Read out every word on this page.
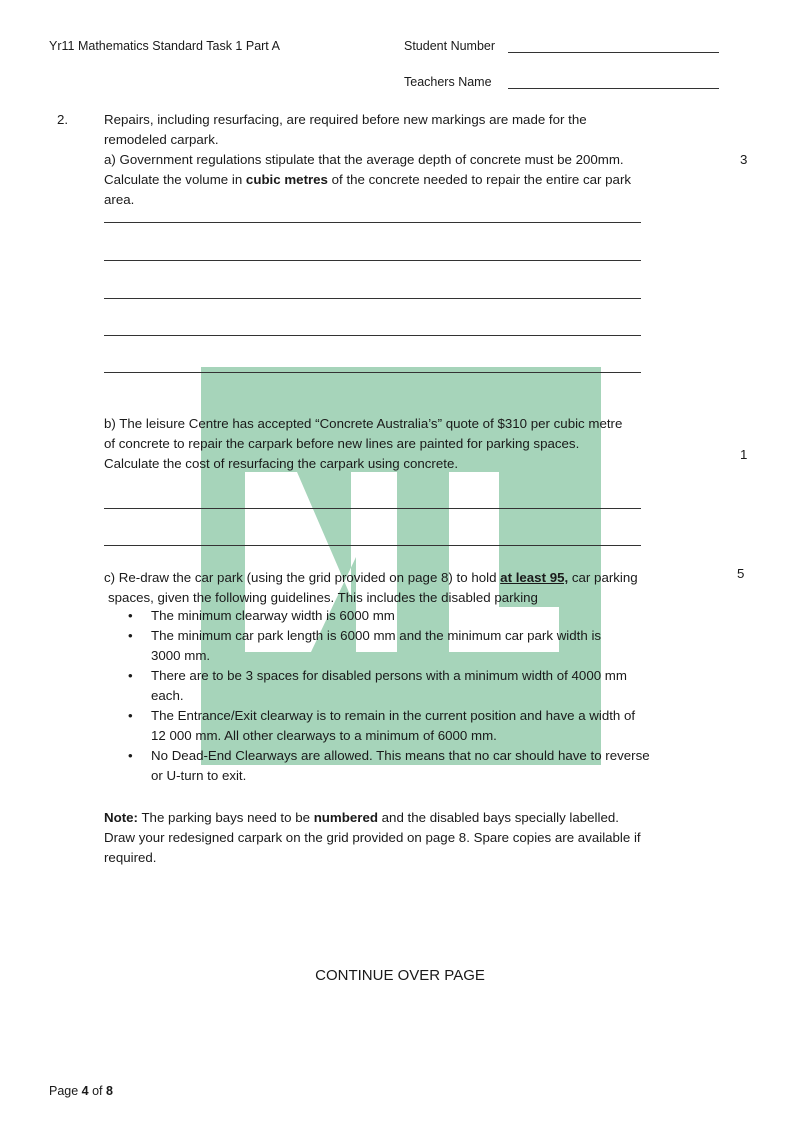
Yr11 Mathematics Standard Task 1 Part A	Student Number
Teachers Name
2.	Repairs, including resurfacing, are required before new markings are made for the
remodeled carpark.
a) Government regulations stipulate that the average depth of concrete must be 200mm.
Calculate the volume in cubic metres of the concrete needed to repair the entire car park
area.
3
b) The leisure Centre has accepted “Concrete Australia’s” quote of $310 per cubic metre
of concrete to repair the carpark before new lines are painted for parking spaces.
Calculate the cost of resurfacing the carpark using concrete.
1
c) Re-draw the car park (using the grid provided on page 8) to hold at least 95, car parking
spaces, given the following guidelines. This includes the disabled parking
5
• The minimum clearway width is 6000 mm
• The minimum car park length is 6000 mm and the minimum car park width is
3000 mm.
• There are to be 3 spaces for disabled persons with a minimum width of 4000 mm
each.
• The Entrance/Exit clearway is to remain in the current position and have a width of
12 000 mm. All other clearways to a minimum of 6000 mm.
• No Dead-End Clearways are allowed. This means that no car should have to reverse
or U-turn to exit.
Note: The parking bays need to be numbered and the disabled bays specially labelled.
Draw your redesigned carpark on the grid provided on page 8. Spare copies are available if
required.
CONTINUE OVER PAGE
Page 4 of 8
